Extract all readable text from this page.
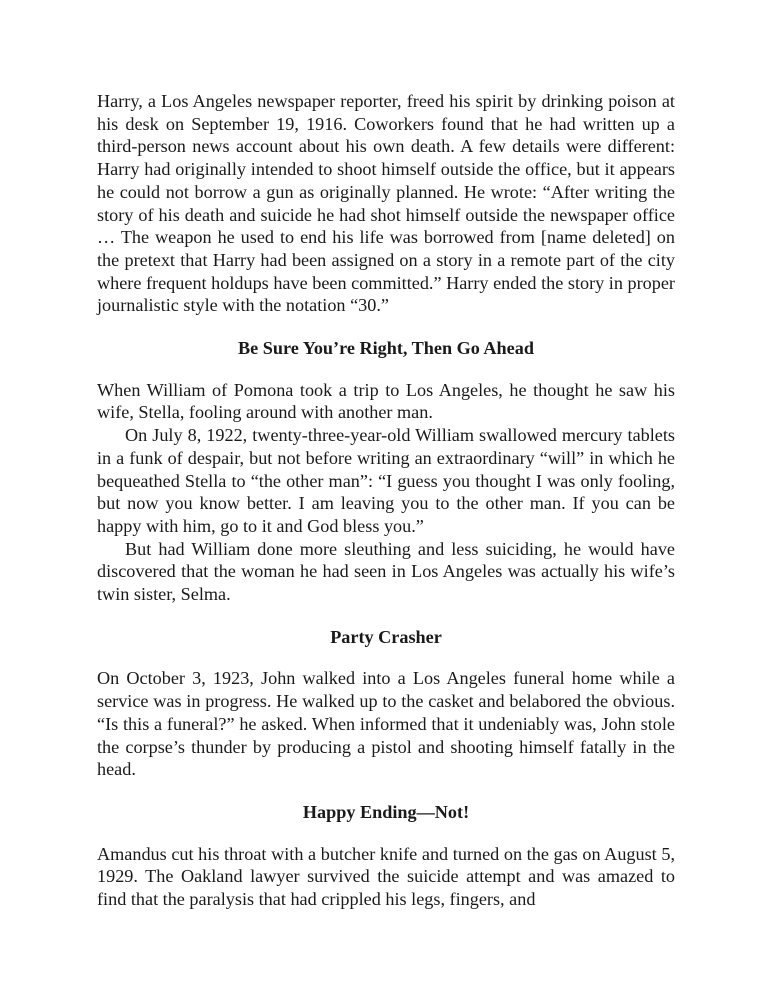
Harry, a Los Angeles newspaper reporter, freed his spirit by drinking poison at his desk on September 19, 1916. Coworkers found that he had written up a third-person news account about his own death. A few details were different: Harry had originally intended to shoot himself outside the office, but it appears he could not borrow a gun as originally planned. He wrote: “After writing the story of his death and suicide he had shot himself outside the newspaper office … The weapon he used to end his life was borrowed from [name deleted] on the pretext that Harry had been assigned on a story in a remote part of the city where frequent holdups have been committed.” Harry ended the story in proper journalistic style with the notation “30.”

Be Sure You’re Right, Then Go Ahead

When William of Pomona took a trip to Los Angeles, he thought he saw his wife, Stella, fooling around with another man.

On July 8, 1922, twenty-three-year-old William swallowed mercury tablets in a funk of despair, but not before writing an extraordinary “will” in which he bequeathed Stella to “the other man”: “I guess you thought I was only fooling, but now you know better. I am leaving you to the other man. If you can be happy with him, go to it and God bless you.”

But had William done more sleuthing and less suiciding, he would have discovered that the woman he had seen in Los Angeles was actually his wife’s twin sister, Selma.

Party Crasher

On October 3, 1923, John walked into a Los Angeles funeral home while a service was in progress. He walked up to the casket and belabored the obvious. “Is this a funeral?” he asked. When informed that it undeniably was, John stole the corpse’s thunder by producing a pistol and shooting himself fatally in the head.

Happy Ending—Not!

Amandus cut his throat with a butcher knife and turned on the gas on August 5, 1929. The Oakland lawyer survived the suicide attempt and was amazed to find that the paralysis that had crippled his legs, fingers, and
